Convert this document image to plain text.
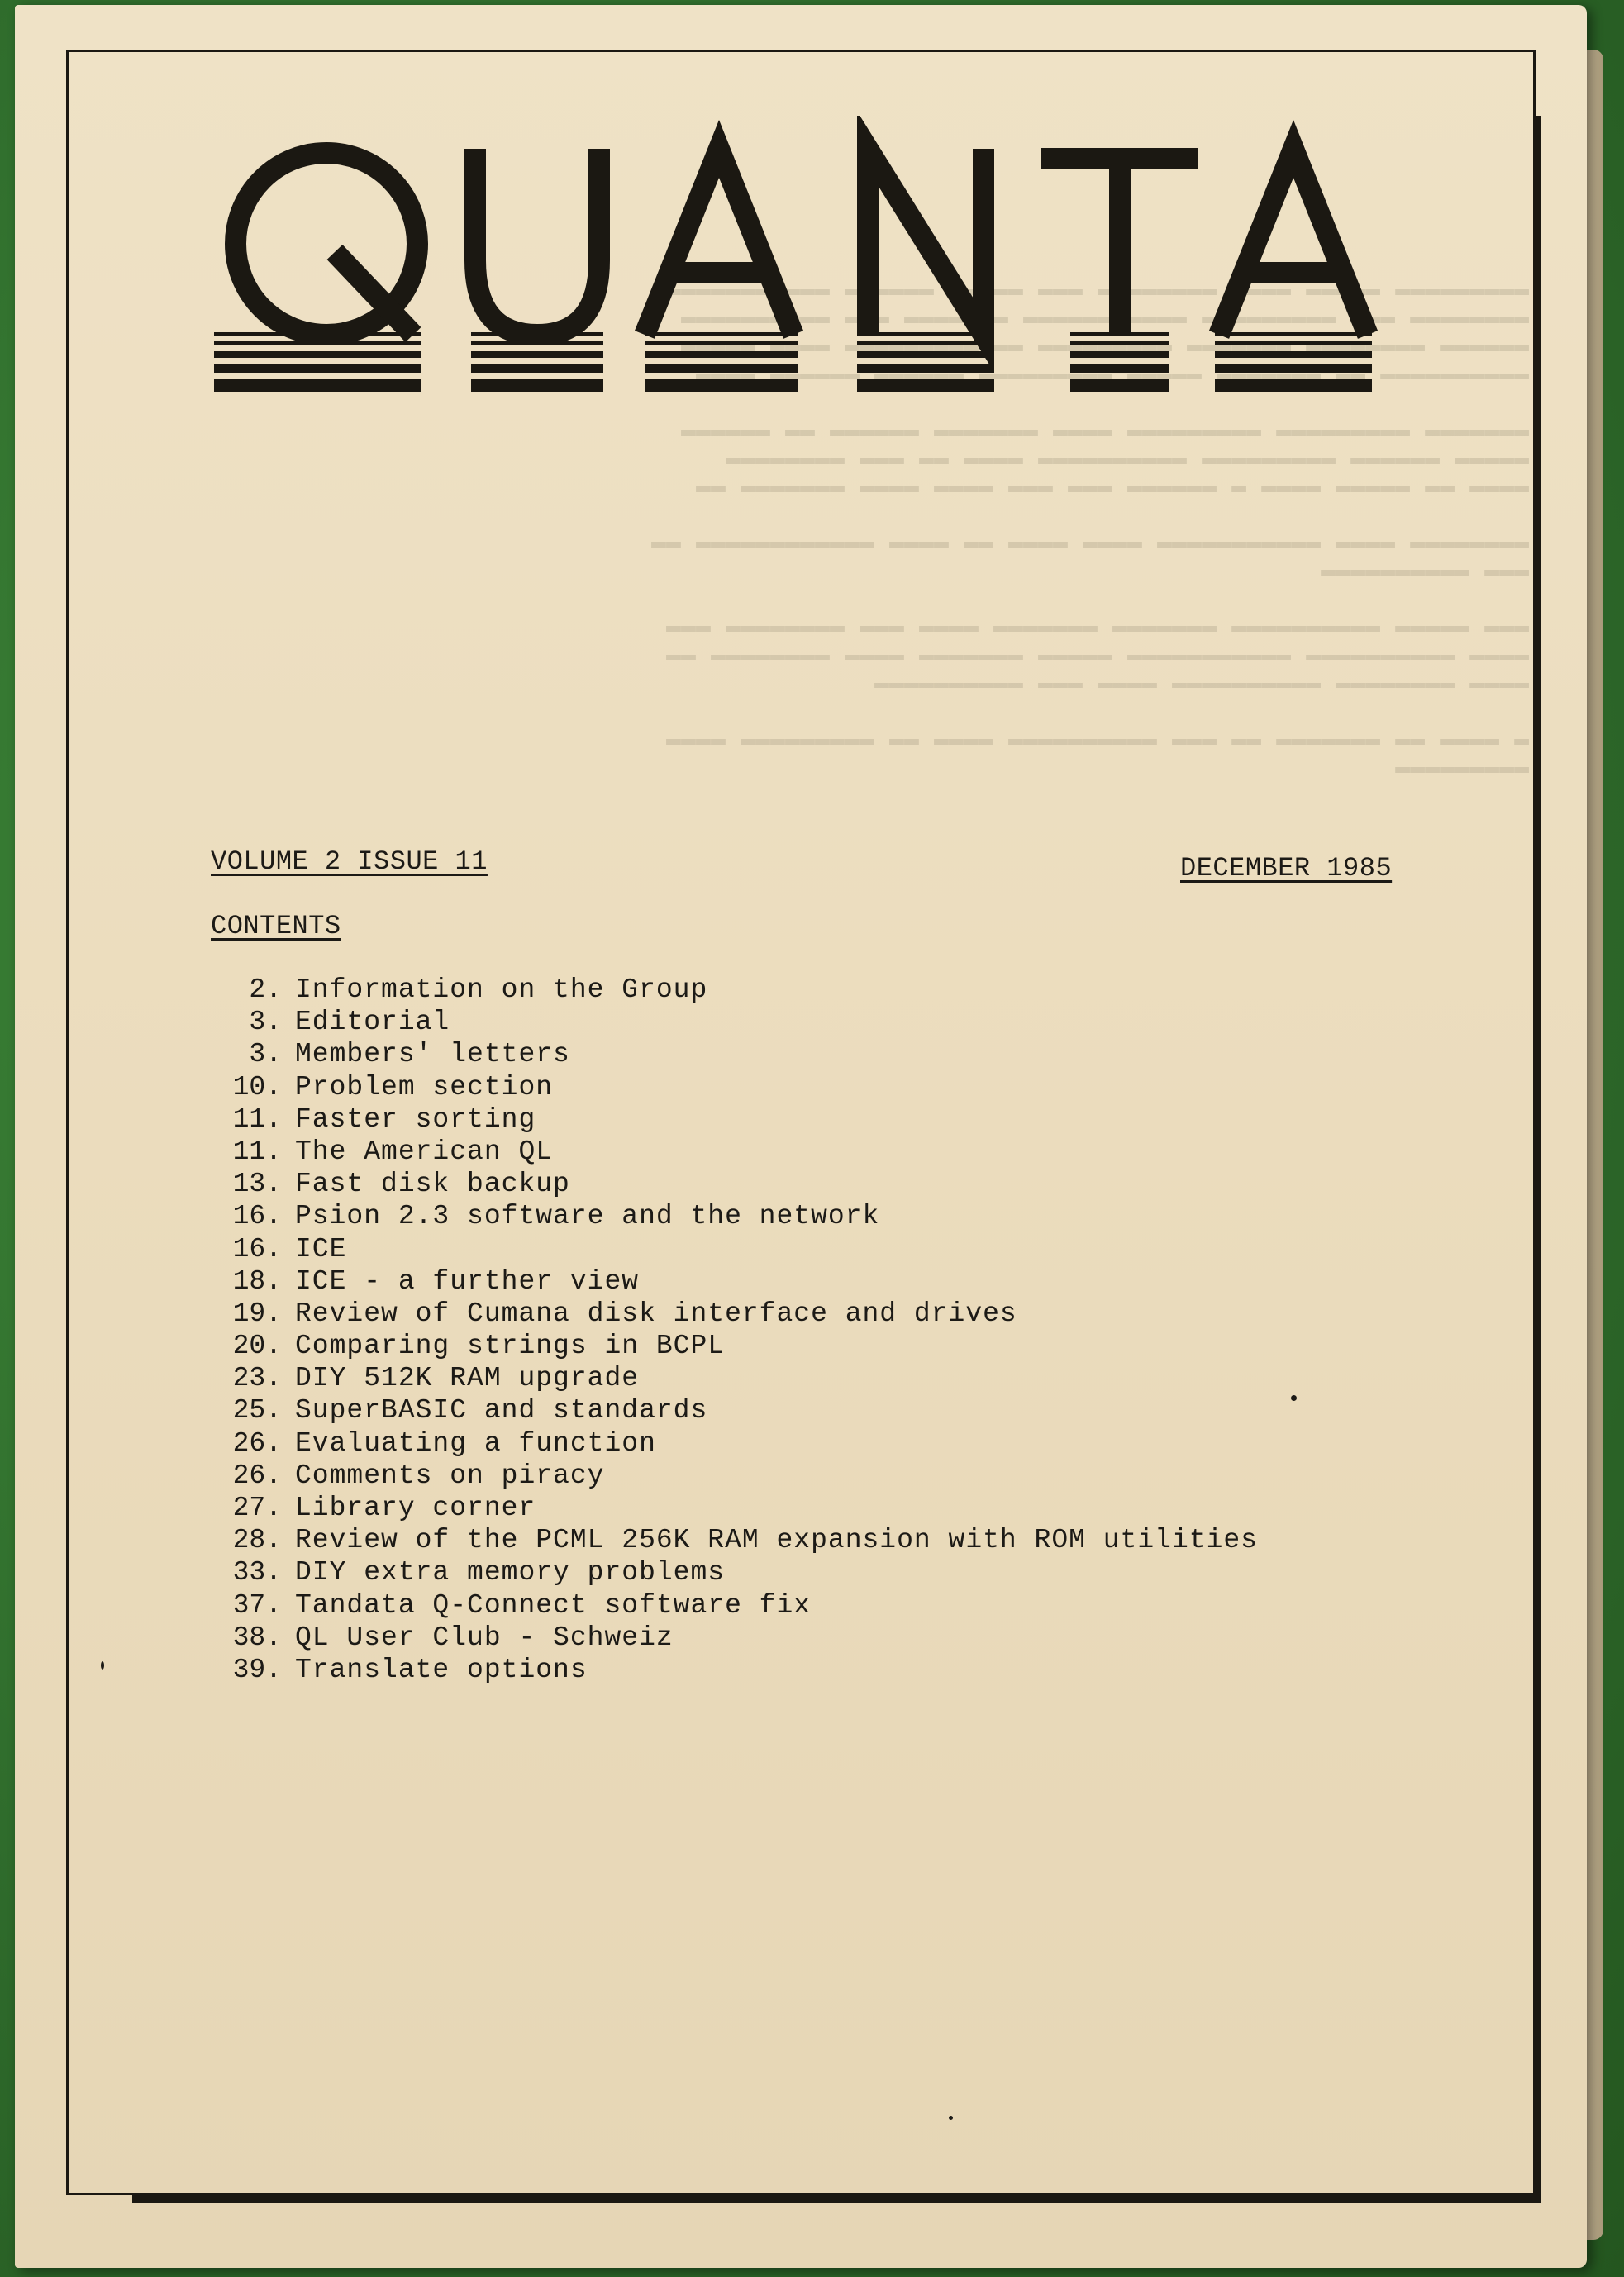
VOLUME 2 ISSUE 11	DECEMBER 1985
CONTENTS
2. Information on the Group
3. Editorial
3. Members' letters
10. Problem section
11. Faster sorting
11. The American QL
13. Fast disk backup
16. Psion 2.3 software and the network
16. ICE
18. ICE - a further view
19. Review of Cumana disk interface and drives
20. Comparing strings in BCPL
23. DIY 512K RAM upgrade
25. SuperBASIC and standards
26. Evaluating a function
26. Comments on piracy
27. Library corner
28. Review of the PCML 256K RAM expansion with ROM utilities
33. DIY extra memory problems
37. Tandata Q-Connect software fix
38. QL User Club - Schweiz
39. Translate options
